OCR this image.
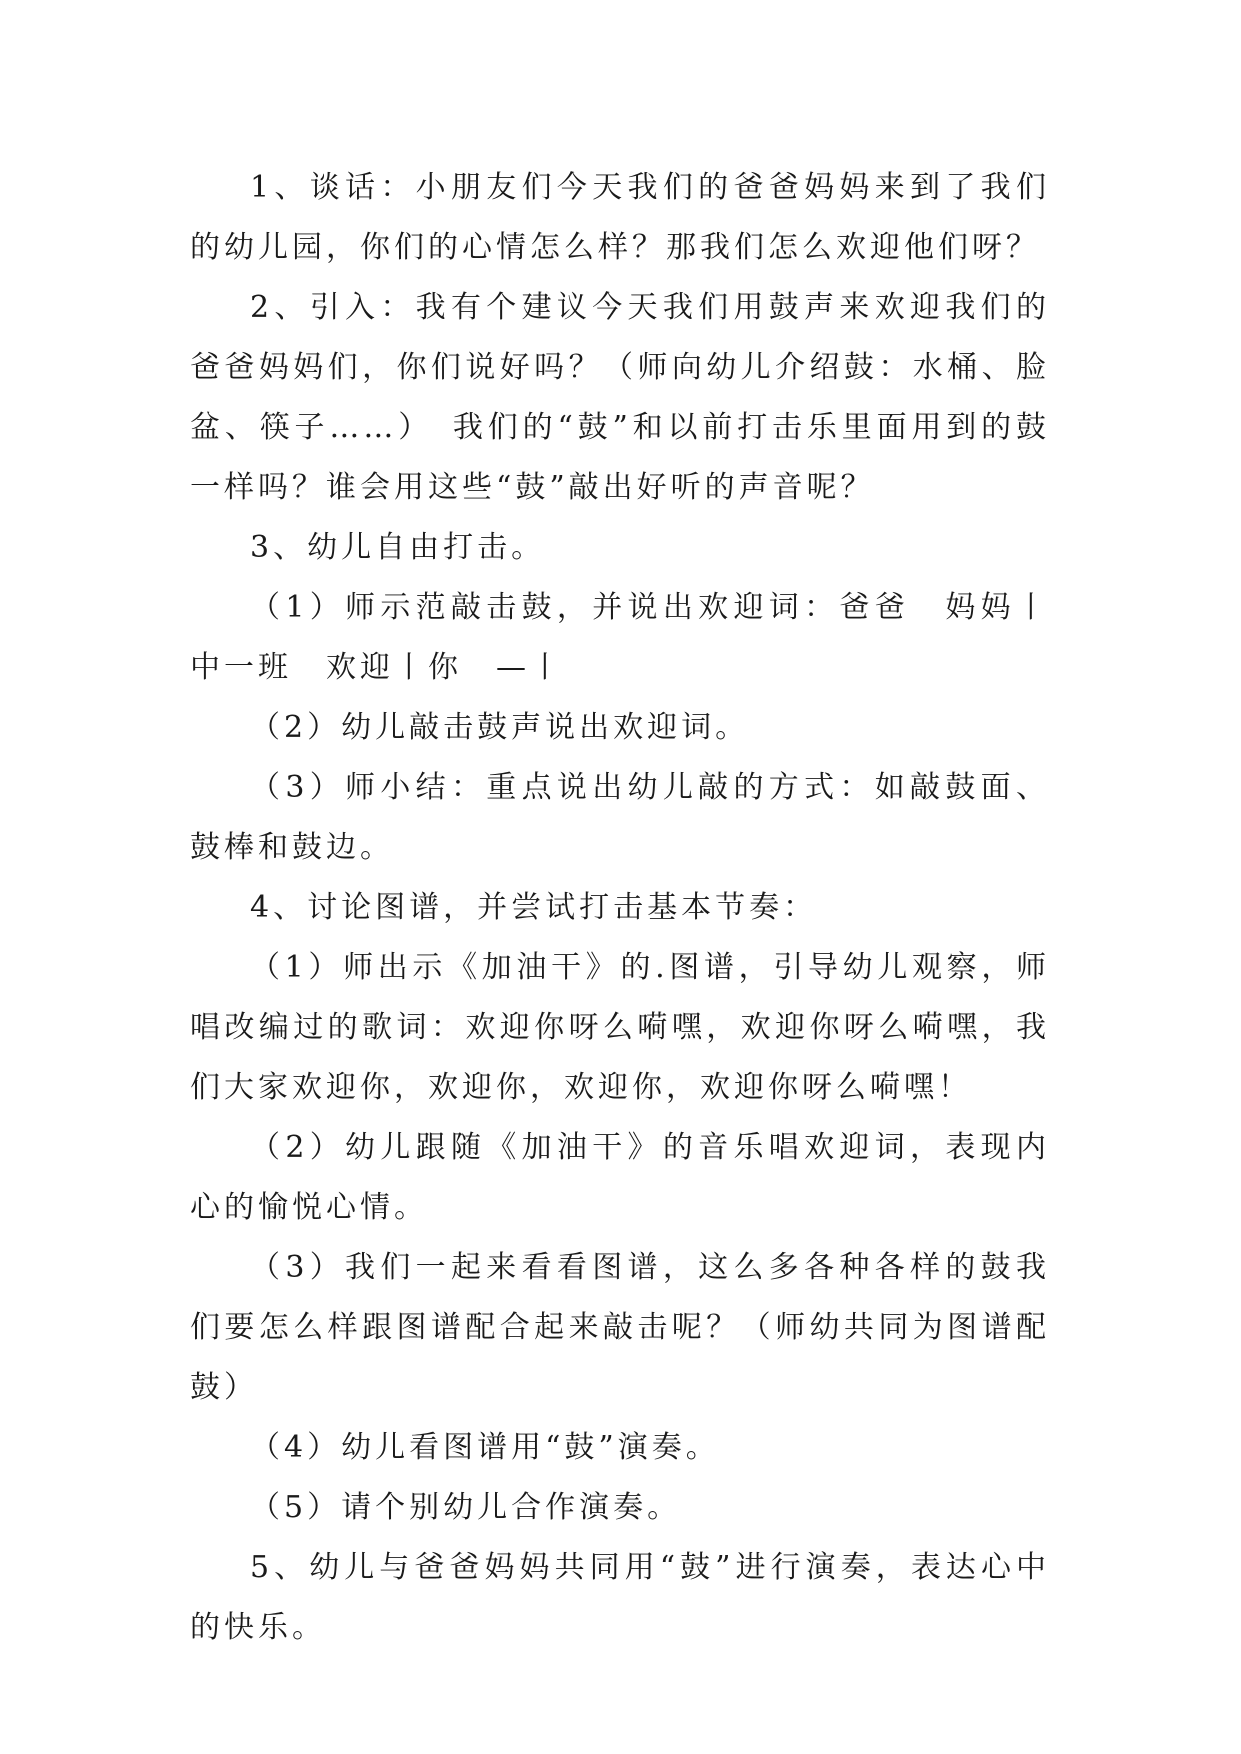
1、谈话：小朋友们今天我们的爸爸妈妈来到了我们的幼儿园，你们的心情怎么样？那我们怎么欢迎他们呀？

2、引入：我有个建议今天我们用鼓声来欢迎我们的爸爸妈妈们，你们说好吗？（师向幼儿介绍鼓：水桶、脸盆、筷子……）　我们的“鼓”和以前打击乐里面用到的鼓一样吗？谁会用这些“鼓”敲出好听的声音呢？

3、幼儿自由打击。

（1）师示范敲击鼓，并说出欢迎词：爸爸　妈妈丨中一班　欢迎丨你　—丨

（2）幼儿敲击鼓声说出欢迎词。

（3）师小结：重点说出幼儿敲的方式：如敲鼓面、鼓棒和鼓边。

4、讨论图谱，并尝试打击基本节奏：

（1）师出示《加油干》的.图谱，引导幼儿观察，师唱改编过的歌词：欢迎你呀么嗬嘿，欢迎你呀么嗬嘿，我们大家欢迎你，欢迎你，欢迎你，欢迎你呀么嗬嘿！

（2）幼儿跟随《加油干》的音乐唱欢迎词，表现内心的愉悦心情。

（3）我们一起来看看图谱，这么多各种各样的鼓我们要怎么样跟图谱配合起来敲击呢？（师幼共同为图谱配鼓）

（4）幼儿看图谱用“鼓”演奏。

（5）请个别幼儿合作演奏。

5、幼儿与爸爸妈妈共同用“鼓”进行演奏，表达心中的快乐。
